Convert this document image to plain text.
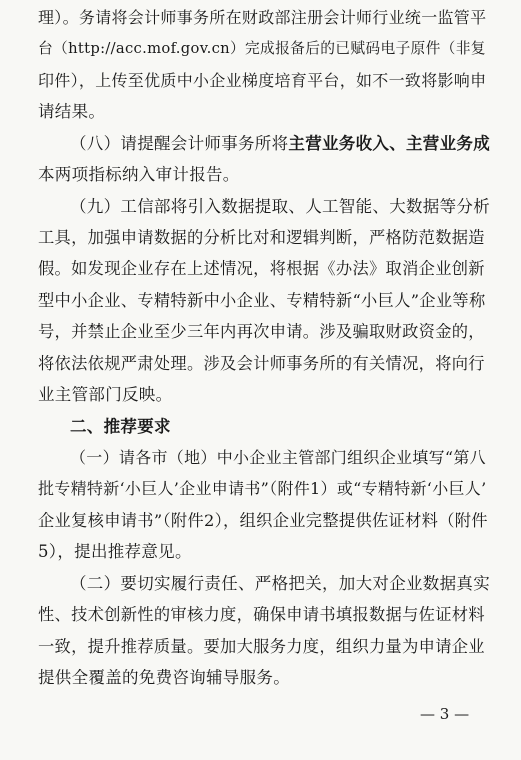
理）。务请将会计师事务所在财政部注册会计师行业统一监管平
台（http://acc.mof.gov.cn）完成报备后的已赋码电子原件（非复
印件），上传至优质中小企业梯度培育平台，如不一致将影响申
请结果。
（八）请提醒会计师事务所将主营业务收入、主营业务成
本两项指标纳入审计报告。
（九）工信部将引入数据提取、人工智能、大数据等分析
工具，加强申请数据的分析比对和逻辑判断，严格防范数据造
假。如发现企业存在上述情况，将根据《办法》取消企业创新
型中小企业、专精特新中小企业、专精特新“小巨人”企业等称
号，并禁止企业至少三年内再次申请。涉及骗取财政资金的，
将依法依规严肃处理。涉及会计师事务所的有关情况，将向行
业主管部门反映。
二、推荐要求
（一）请各市（地）中小企业主管部门组织企业填写“第八
批专精特新‘小巨人’企业申请书”（附件1）或“专精特新‘小巨人’
企业复核申请书”（附件2），组织企业完整提供佐证材料（附件
5），提出推荐意见。
（二）要切实履行责任、严格把关，加大对企业数据真实
性、技术创新性的审核力度，确保申请书填报数据与佐证材料
一致，提升推荐质量。要加大服务力度，组织力量为申请企业
提供全覆盖的免费咨询辅导服务。
— 3 —
